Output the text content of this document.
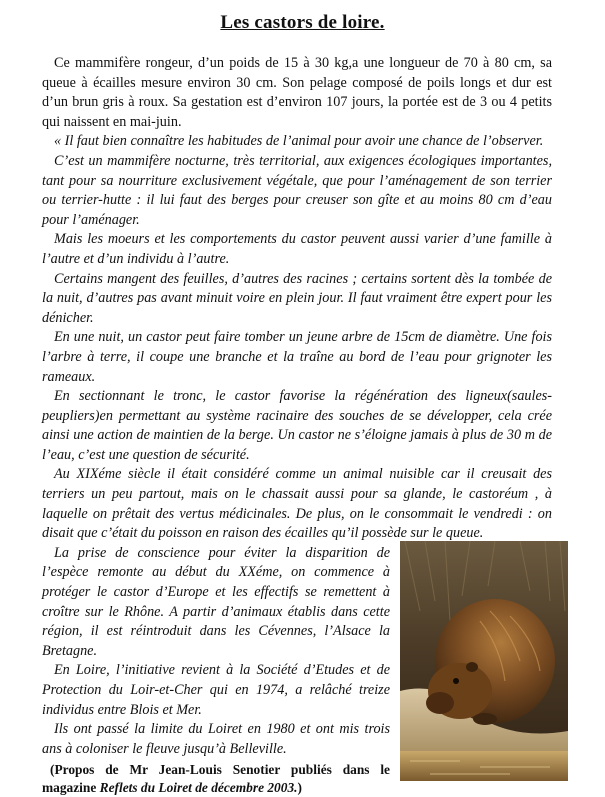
Les castors de loire.

Ce mammifère rongeur, d’un poids de 15 à 30 kg,a une longueur de 70 à 80 cm, sa queue à écailles mesure environ 30 cm. Son pelage composé de poils longs et dur est d’un brun gris à roux. Sa gestation est d’environ 107 jours, la portée est de 3 ou 4 petits qui naissent en mai-juin.

« Il faut bien connaître les habitudes de l’animal pour avoir une chance de l’observer.

C’est un mammifère nocturne, très territorial, aux exigences écologiques importantes, tant pour sa nourriture exclusivement végétale, que pour l’aménagement de son terrier ou terrier-hutte : il lui faut des berges pour creuser son gîte et au moins 80 cm d’eau pour l’aménager.

Mais les moeurs et les comportements du castor peuvent aussi varier d’une famille à l’autre et d’un individu à l’autre.

Certains mangent des feuilles, d’autres des racines ; certains sortent dès la tombée de la nuit, d’autres pas avant minuit voire en plein jour. Il faut vraiment être expert pour les dénicher.

En une nuit, un castor peut faire tomber un jeune arbre de 15cm de diamètre. Une fois l’arbre à terre, il coupe une branche et la traîne au bord de l’eau pour grignoter les rameaux.

En sectionnant le tronc, le castor favorise la régénération des ligneux(saules-peupliers)en permettant au système racinaire des souches de se développer, cela crée ainsi une action de maintien de la berge. Un castor ne s’éloigne jamais à plus de 30 m de l’eau, c’est une question de sécurité.

Au XIXéme siècle il était considéré comme un animal nuisible car il creusait des terriers un peu partout, mais on le chassait aussi pour sa glande, le castoréum , à laquelle on prêtait des vertus médicinales. De plus, on le consommait le vendredi : on disait que c’était du poisson en raison des écailles qu’il possède sur le queue.

La prise de conscience pour éviter la disparition de l’espèce remonte au début du XXéme, on commence à protéger le castor d’Europe et les effectifs se remettent à croître sur le Rhône. A partir d’animaux établis dans cette région, il est réintroduit dans les Cévennes, l’Alsace la Bretagne.

En Loire, l’initiative revient à la Société d’Etudes et de Protection du Loir-et-Cher qui en 1974, a relâché treize individus entre Blois et Mer.

Ils ont passé la limite du Loiret en 1980 et ont mis trois ans à coloniser le fleuve jusqu’à Belleville.

(Propos de Mr Jean-Louis Senotier publiés dans le magazine Reflets du Loiret de décembre 2003.)
